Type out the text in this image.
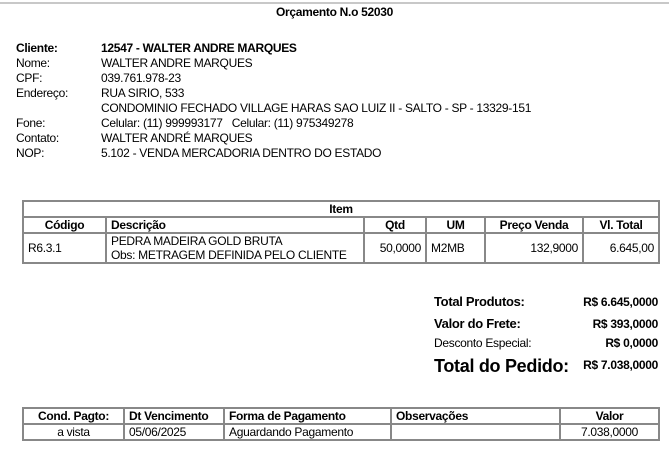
Orçamento N.o 52030
Cliente:	12547 - WALTER ANDRE MARQUES
Nome:	WALTER ANDRE MARQUES
CPF:	039.761.978-23
Endereço:	RUA SIRIO, 533
CONDOMINIO FECHADO VILLAGE HARAS SAO LUIZ II - SALTO - SP - 13329-151
Fone:	Celular: (11) 999993177   Celular: (11) 975349278
Contato:	WALTER ANDRÉ MARQUES
NOP:	5.102 - VENDA MERCADORIA DENTRO DO ESTADO
Item					
Código	Descrição	Qtd	UM	Preço Venda	Vl. Total
R6.3.1	PEDRA MADEIRA GOLD BRUTA
Obs: METRAGEM DEFINIDA PELO CLIENTE	50,0000	M2MB	132,9000	6.645,00
Total Produtos:	R$ 6.645,0000
Valor do Frete:	R$ 393,0000
Desconto Especial:	R$ 0,0000
Total do Pedido: R$ 7.038,0000
Cond. Pagto:	Dt Vencimento	Forma de Pagamento	Observações	Valor
a vista	05/06/2025	Aguardando Pagamento		7.038,0000
